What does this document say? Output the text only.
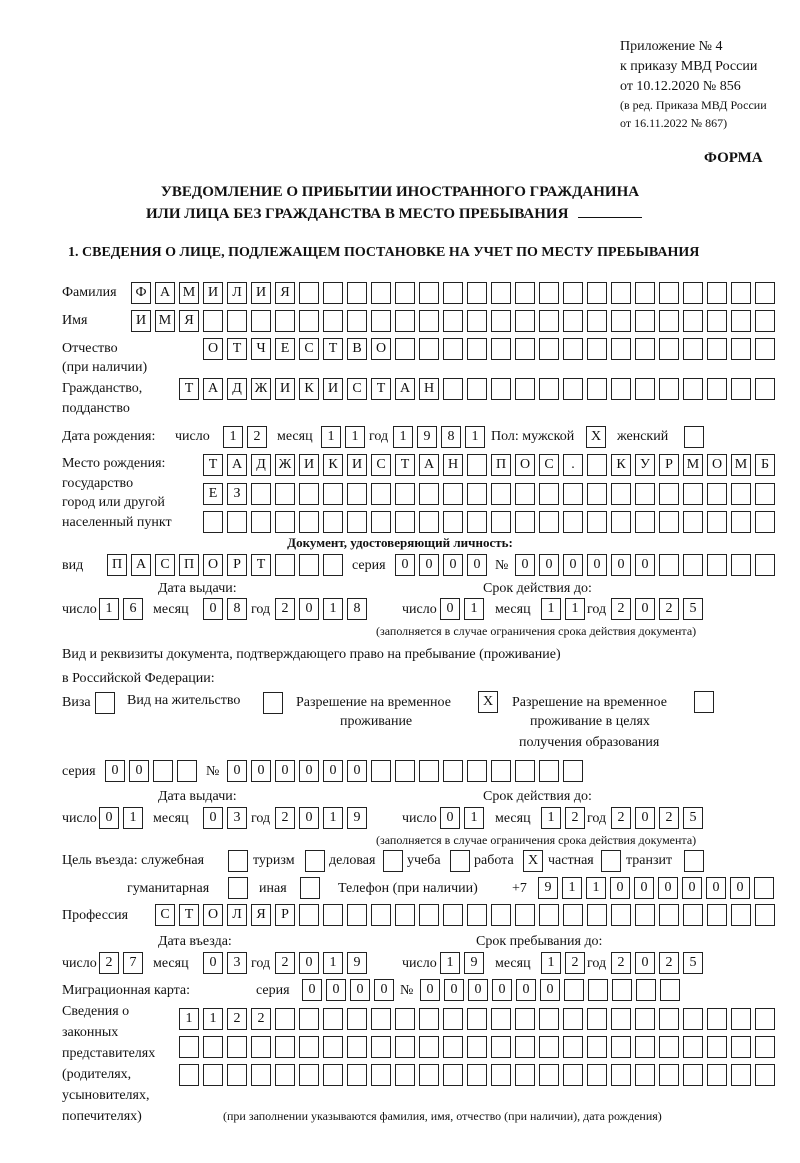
Приложение № 4
к приказу МВД России
от 10.12.2020 № 856
(в ред. Приказа МВД России
от 16.11.2022 № 867)
ФОРМА
УВЕДОМЛЕНИЕ О ПРИБЫТИИ ИНОСТРАННОГО ГРАЖДАНИНА
ИЛИ ЛИЦА БЕЗ ГРАЖДАНСТВА В МЕСТО ПРЕБЫВАНИЯ
1. СВЕДЕНИЯ О ЛИЦЕ, ПОДЛЕЖАЩЕМ ПОСТАНОВКЕ НА УЧЕТ ПО МЕСТУ ПРЕБЫВАНИЯ
Фамилия	Ф А М И	Л	И	Я
Имя	И М Я
Отчество
(при наличии)
О	Т	Ч	Е	С	Т	В	О
Гражданство,
подданство
Т	А	Д Ж И	К	И	С	Т	А Н
Дата рождения: число	1	2	месяц	1	1 год 1	9	8	1 Пол: мужской	X	женский
Место рождения:
государство
город или другой
населенный пункт
Т	А	Д Ж И	К	И	С	Т	А Н	П О	С	.	К	У	Р М О М Б
Е	З
Документ, удостоверяющий личность:
вид	П А	С	П О	Р	Т	серия	0	0	0	0	№ 0	0	0	0	0	0
Дата выдачи:	Срок действия до:
число 1	6	месяц	0	8 год 2	0	1	8	число 0	1	месяц	1	1 год 2	0	2	5
(заполняется в случае ограничения срока действия документа)
Вид и реквизиты документа, подтверждающего право на пребывание (проживание)
в Российской Федерации:
Виза	Вид на жительство	Разрешение на временное
проживание
X	Разрешение на временное
проживание в целях
получения образования
серия	0	0	№	0	0	0	0	0	0
Дата выдачи:	Срок действия до:
число 0	1	месяц	0	3 год 2	0	1	9	число 0	1	месяц	1	2 год 2	0	2	5
(заполняется в случае ограничения срока действия документа)
Цель въезда: служебная	туризм деловая учеба работа	X частная транзит
гуманитарная	иная	Телефон (при наличии) +7	9	1	1	0	0	0	0	0	0
Профессия	С	Т	О	Л	Я	Р
Дата въезда:	Срок пребывания до:
число 2	7	месяц	0	3 год 2	0	1	9	число 1	9	месяц	1	2 год 2	0	2	5
Миграционная карта:	серия	0	0	0	0 № 0	0	0	0	0	0
Сведения о
законных
представителях
(родителях,
усыновителях,
попечителях)
1	1	2	2
(при заполнении указываются фамилия, имя, отчество (при наличии), дата рождения)
